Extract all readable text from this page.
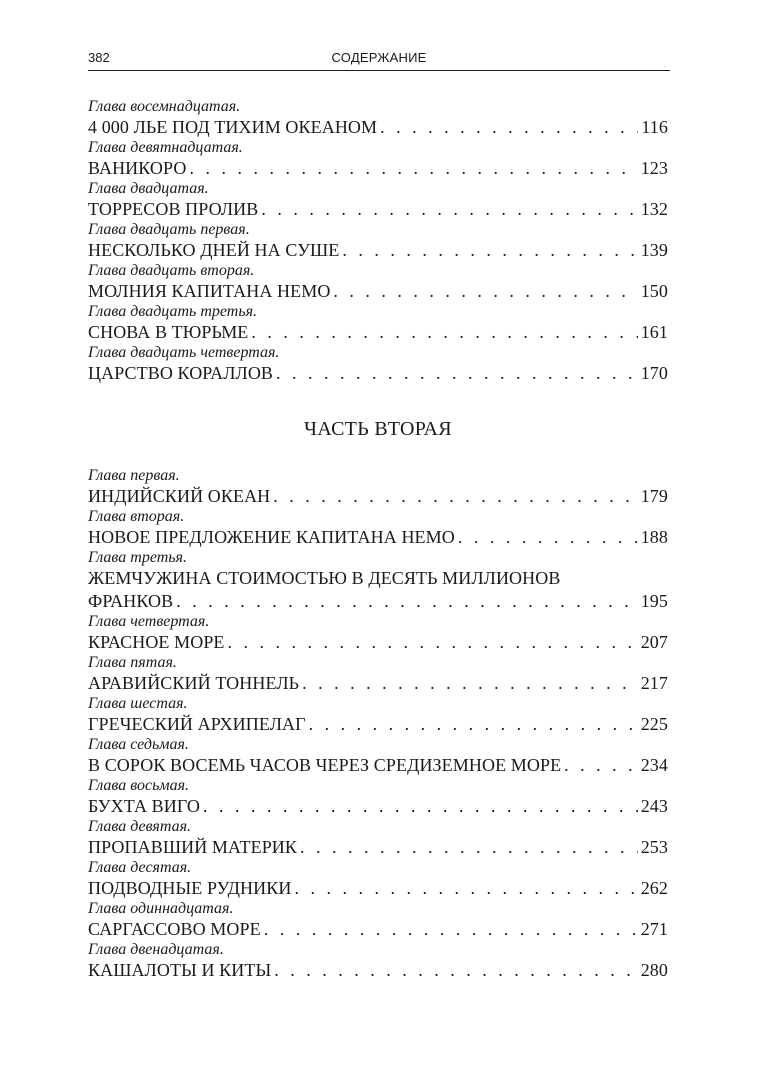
382	СОДЕРЖАНИЕ
Глава восемнадцатая.
4 000 ЛЬЕ ПОД ТИХИМ ОКЕАНОМ . . .	116
Глава девятнадцатая.
ВАНИКОРО . . .	123
Глава двадцатая.
ТОРРЕСОВ ПРОЛИВ . . .	132
Глава двадцать первая.
НЕСКОЛЬКО ДНЕЙ НА СУШЕ . . .	139
Глава двадцать вторая.
МОЛНИЯ КАПИТАНА НЕМО . . .	150
Глава двадцать третья.
СНОВА В ТЮРЬМЕ . . .	161
Глава двадцать четвертая.
ЦАРСТВО КОРАЛЛОВ . . .	170
ЧАСТЬ ВТОРАЯ
Глава первая.
ИНДИЙСКИЙ ОКЕАН . . .	179
Глава вторая.
НОВОЕ ПРЕДЛОЖЕНИЕ КАПИТАНА НЕМО . . .	188
Глава третья.
ЖЕМЧУЖИНА СТОИМОСТЬЮ В ДЕСЯТЬ МИЛЛИОНОВ
ФРАНКОВ . . .	195
Глава четвертая.
КРАСНОЕ МОРЕ . . .	207
Глава пятая.
АРАВИЙСКИЙ ТОННЕЛЬ . . .	217
Глава шестая.
ГРЕЧЕСКИЙ АРХИПЕЛАГ . . .	225
Глава седьмая.
В СОРОК ВОСЕМЬ ЧАСОВ ЧЕРЕЗ СРЕДИЗЕМНОЕ МОРЕ . . .	234
Глава восьмая.
БУХТА ВИГО . . .	243
Глава девятая.
ПРОПАВШИЙ МАТЕРИК . . .	253
Глава десятая.
ПОДВОДНЫЕ РУДНИКИ . . .	262
Глава одиннадцатая.
САРГАССОВО МОРЕ . . .	271
Глава двенадцатая.
КАШАЛОТЫ И КИТЫ . . .	280
